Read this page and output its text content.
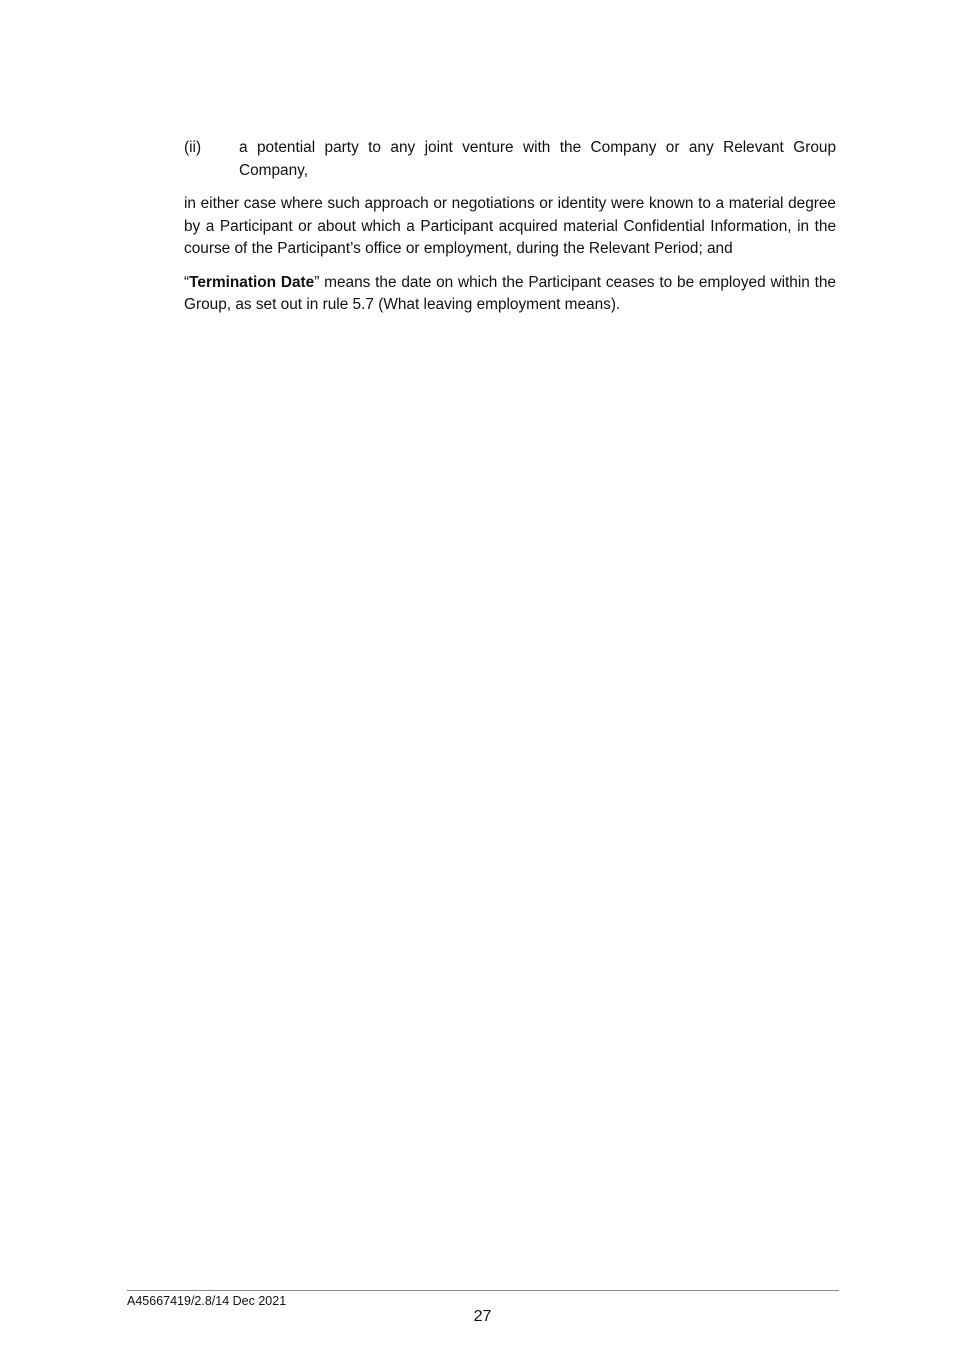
(ii)	a potential party to any joint venture with the Company or any Relevant Group Company,

in either case where such approach or negotiations or identity were known to a material degree by a Participant or about which a Participant acquired material Confidential Information, in the course of the Participant’s office or employment, during the Relevant Period; and

“Termination Date” means the date on which the Participant ceases to be employed within the Group, as set out in rule 5.7 (What leaving employment means).

A45667419/2.8/14 Dec 2021
27
